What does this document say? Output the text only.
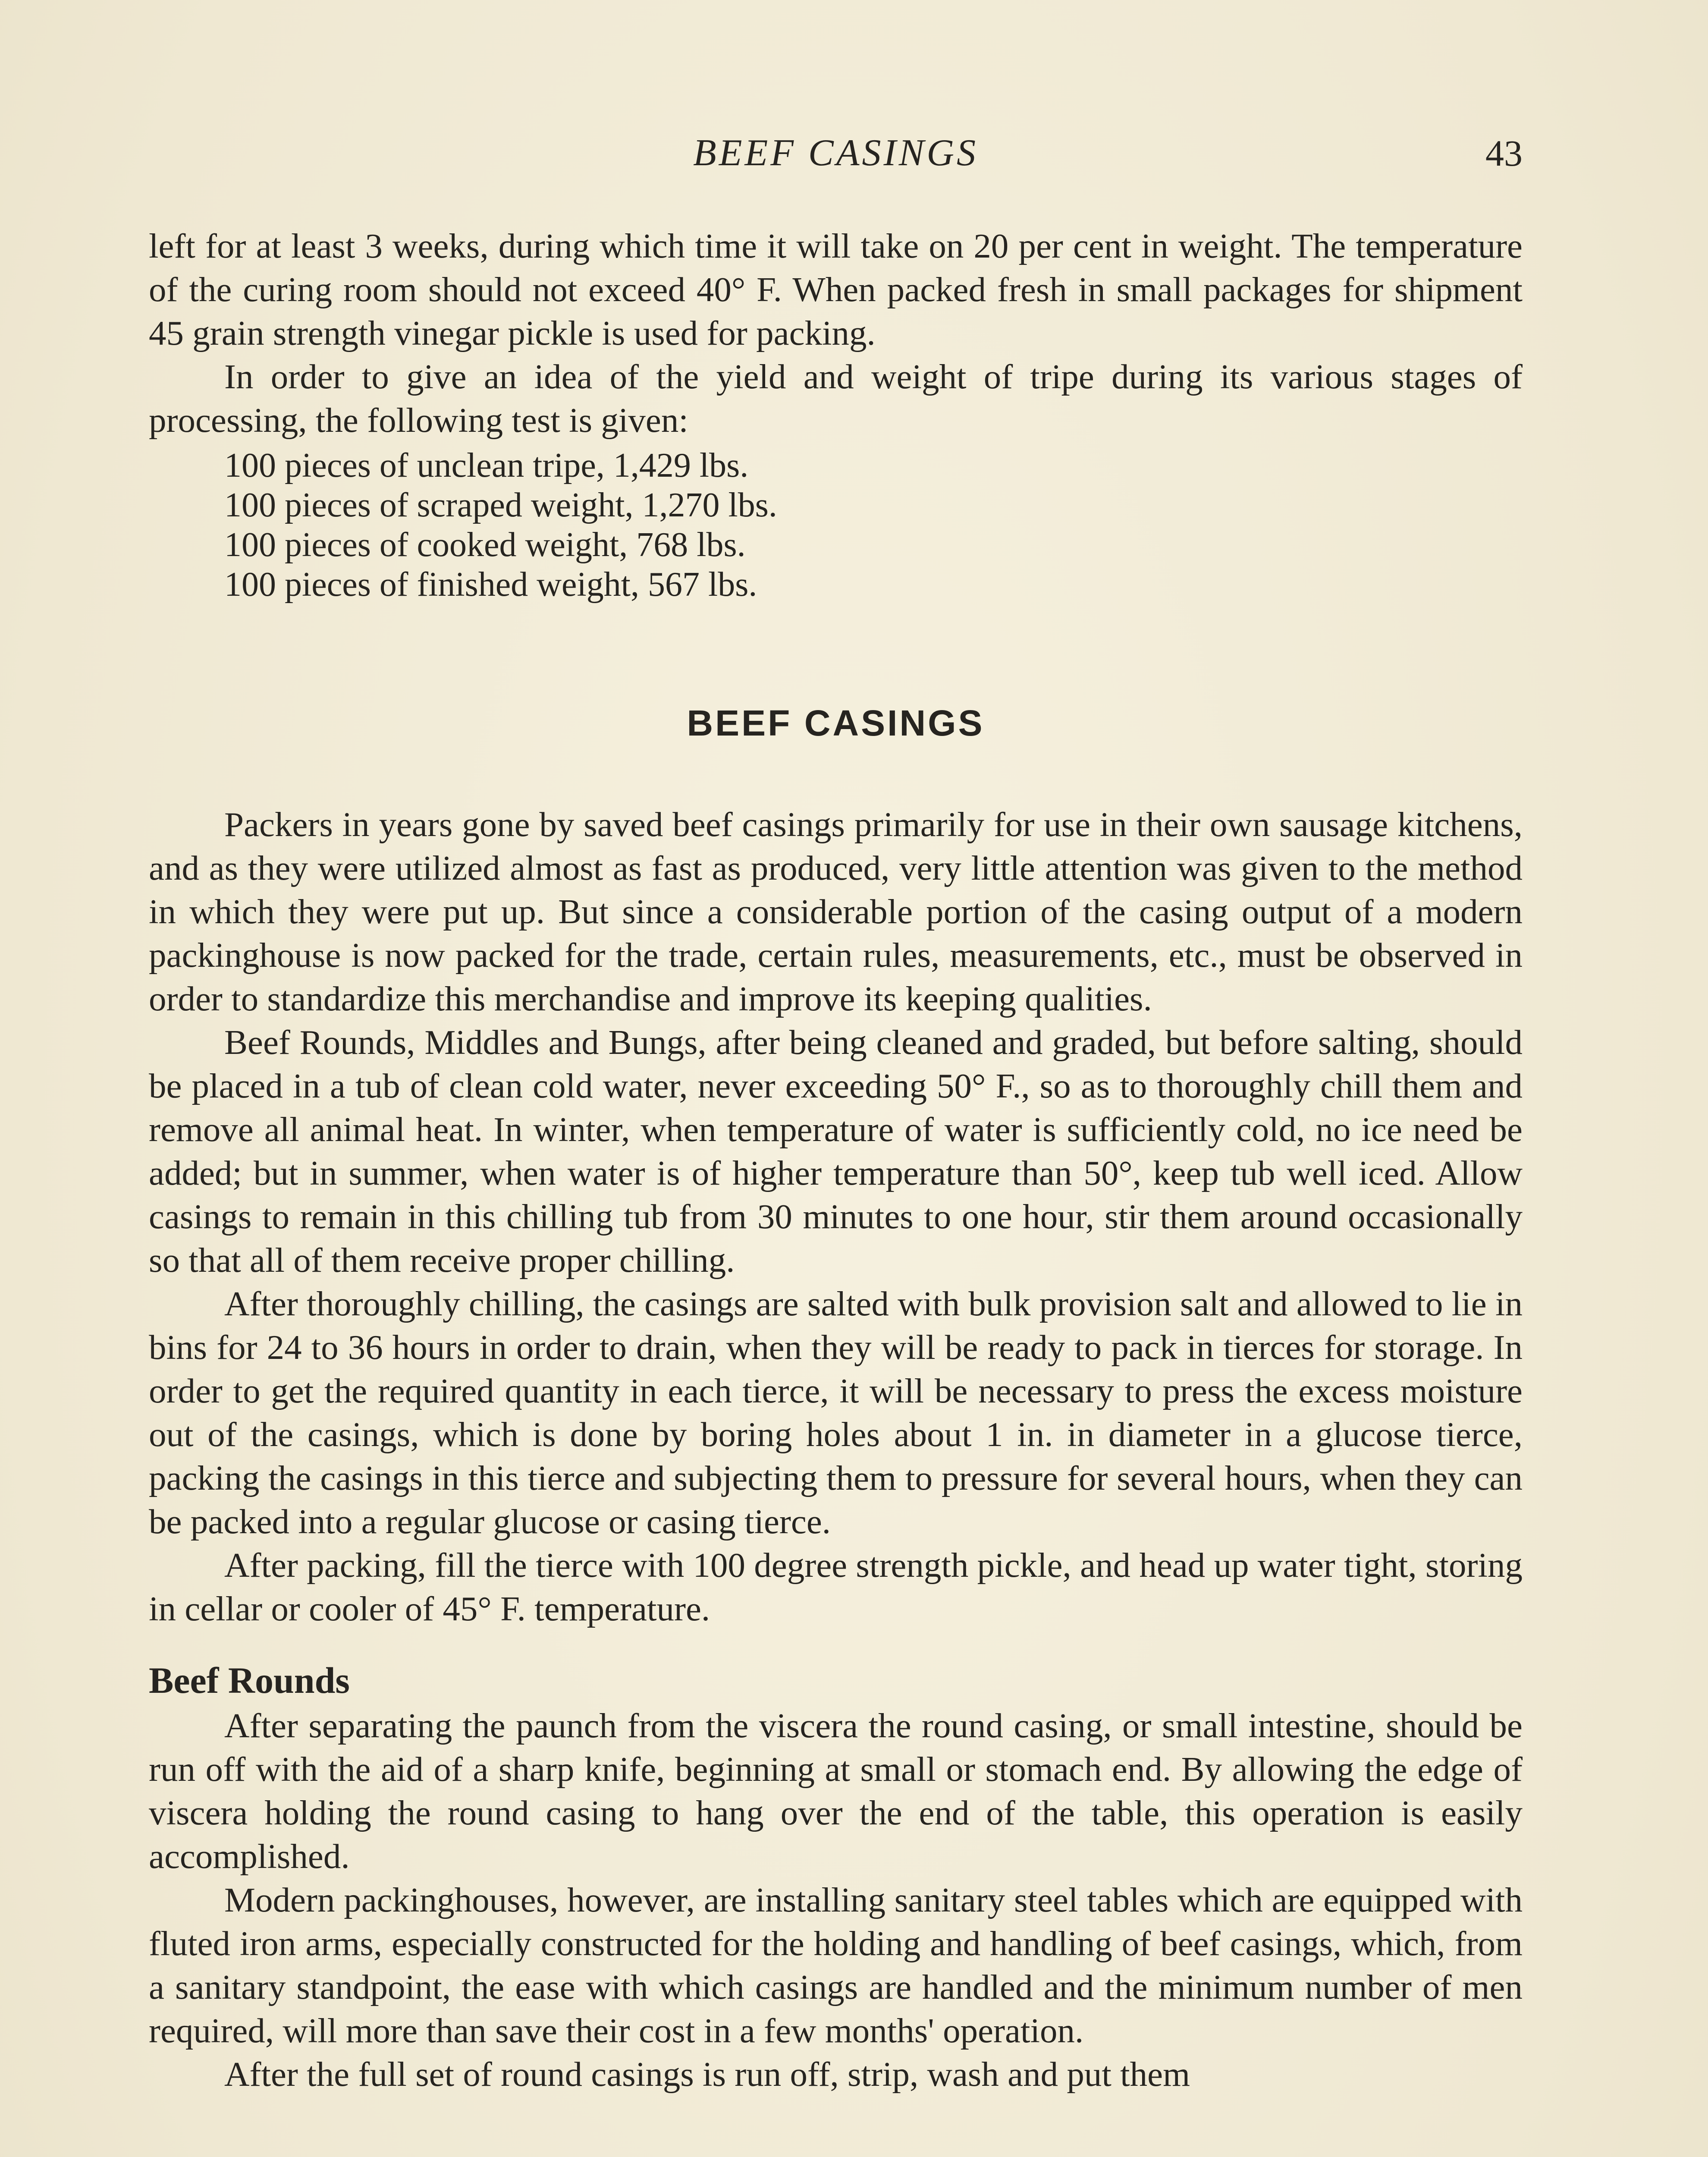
BEEF CASINGS	43

left for at least 3 weeks, during which time it will take on 20 per cent in weight. The temperature of the curing room should not exceed 40° F. When packed fresh in small packages for shipment 45 grain strength vinegar pickle is used for packing.

In order to give an idea of the yield and weight of tripe during its various stages of processing, the following test is given:

100 pieces of unclean tripe, 1,429 lbs.
100 pieces of scraped weight, 1,270 lbs.
100 pieces of cooked weight, 768 lbs.
100 pieces of finished weight, 567 lbs.
BEEF CASINGS

Packers in years gone by saved beef casings primarily for use in their own sausage kitchens, and as they were utilized almost as fast as produced, very little attention was given to the method in which they were put up. But since a considerable portion of the casing output of a modern packinghouse is now packed for the trade, certain rules, measurements, etc., must be observed in order to standardize this merchandise and improve its keeping qualities.

Beef Rounds, Middles and Bungs, after being cleaned and graded, but before salting, should be placed in a tub of clean cold water, never exceeding 50° F., so as to thoroughly chill them and remove all animal heat. In winter, when temperature of water is sufficiently cold, no ice need be added; but in summer, when water is of higher temperature than 50°, keep tub well iced. Allow casings to remain in this chilling tub from 30 minutes to one hour, stir them around occasionally so that all of them receive proper chilling.

After thoroughly chilling, the casings are salted with bulk provision salt and allowed to lie in bins for 24 to 36 hours in order to drain, when they will be ready to pack in tierces for storage. In order to get the required quantity in each tierce, it will be necessary to press the excess moisture out of the casings, which is done by boring holes about 1 in. in diameter in a glucose tierce, packing the casings in this tierce and subjecting them to pressure for several hours, when they can be packed into a regular glucose or casing tierce.

After packing, fill the tierce with 100 degree strength pickle, and head up water tight, storing in cellar or cooler of 45° F. temperature.

Beef Rounds

After separating the paunch from the viscera the round casing, or small intestine, should be run off with the aid of a sharp knife, beginning at small or stomach end. By allowing the edge of viscera holding the round casing to hang over the end of the table, this operation is easily accomplished.

Modern packinghouses, however, are installing sanitary steel tables which are equipped with fluted iron arms, especially constructed for the holding and handling of beef casings, which, from a sanitary standpoint, the ease with which casings are handled and the minimum number of men required, will more than save their cost in a few months' operation.

After the full set of round casings is run off, strip, wash and put them
